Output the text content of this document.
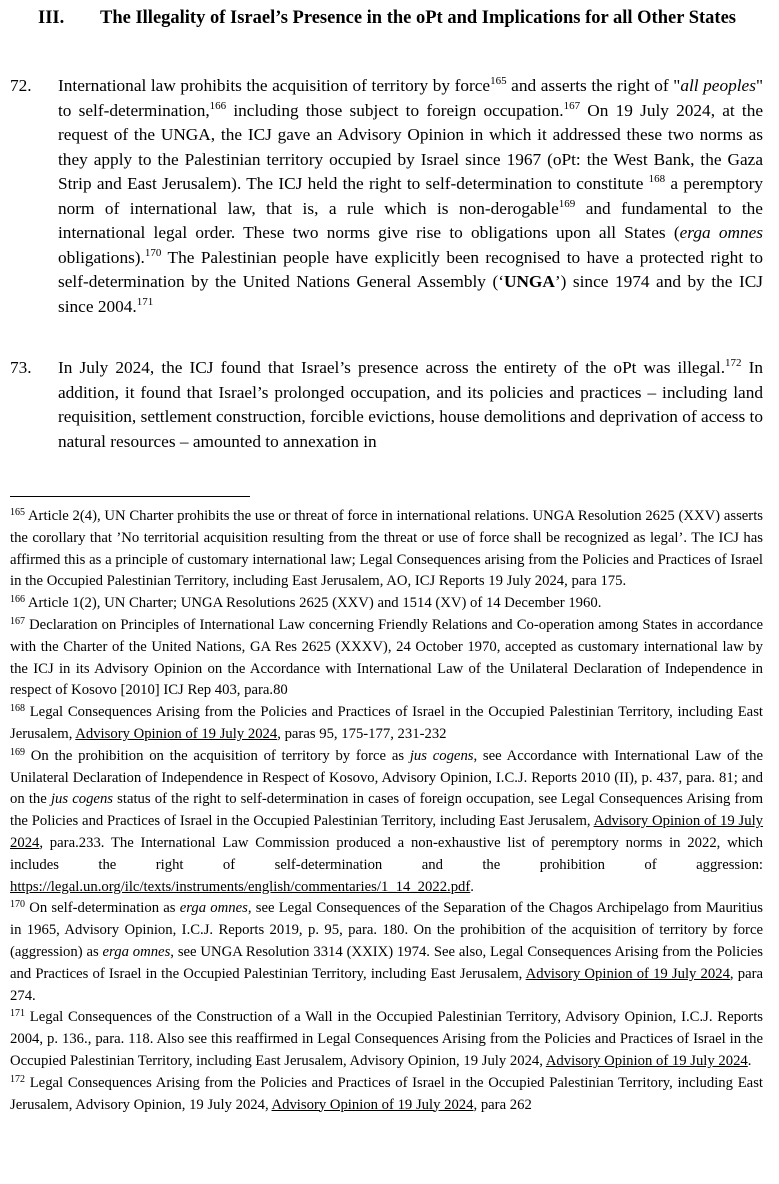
III. The Illegality of Israel’s Presence in the oPt and Implications for all Other States
72. International law prohibits the acquisition of territory by force$^{165}$ and asserts the right of "all peoples" to self-determination,$^{166}$ including those subject to foreign occupation.$^{167}$ On 19 July 2024, at the request of the UNGA, the ICJ gave an Advisory Opinion in which it addressed these two norms as they apply to the Palestinian territory occupied by Israel since 1967 (oPt: the West Bank, the Gaza Strip and East Jerusalem). The ICJ held the right to self-determination to constitute $^{168}$ a peremptory norm of international law, that is, a rule which is non-derogable$^{169}$ and fundamental to the international legal order. These two norms give rise to obligations upon all States (erga omnes obligations).$^{170}$ The Palestinian people have explicitly been recognised to have a protected right to self-determination by the United Nations General Assembly (‘UNGA’) since 1974 and by the ICJ since 2004.$^{171}$
73. In July 2024, the ICJ found that Israel’s presence across the entirety of the oPt was illegal.$^{172}$ In addition, it found that Israel’s prolonged occupation, and its policies and practices – including land requisition, settlement construction, forcible evictions, house demolitions and deprivation of access to natural resources – amounted to annexation in

$^{165}$ Article 2(4), UN Charter prohibits the use or threat of force in international relations. UNGA Resolution 2625 (XXV) asserts the corollary that ’No territorial acquisition resulting from the threat or use of force shall be recognized as legal’. The ICJ has affirmed this as a principle of customary international law; Legal Consequences arising from the Policies and Practices of Israel in the Occupied Palestinian Territory, including East Jerusalem, AO, ICJ Reports 19 July 2024, para 175.

$^{166}$ Article 1(2), UN Charter; UNGA Resolutions 2625 (XXV) and 1514 (XV) of 14 December 1960.

$^{167}$ Declaration on Principles of International Law concerning Friendly Relations and Co-operation among States in accordance with the Charter of the United Nations, GA Res 2625 (XXXV), 24 October 1970, accepted as customary international law by the ICJ in its Advisory Opinion on the Accordance with International Law of the Unilateral Declaration of Independence in respect of Kosovo [2010] ICJ Rep 403, para.80

$^{168}$ Legal Consequences Arising from the Policies and Practices of Israel in the Occupied Palestinian Territory, including East Jerusalem, Advisory Opinion of 19 July 2024, paras 95, 175-177, 231-232

$^{169}$ On the prohibition on the acquisition of territory by force as jus cogens, see Accordance with International Law of the Unilateral Declaration of Independence in Respect of Kosovo, Advisory Opinion, I.C.J. Reports 2010 (II), p. 437, para. 81; and on the jus cogens status of the right to self-determination in cases of foreign occupation, see Legal Consequences Arising from the Policies and Practices of Israel in the Occupied Palestinian Territory, including East Jerusalem, Advisory Opinion of 19 July 2024, para.233. The International Law Commission produced a non-exhaustive list of peremptory norms in 2022, which includes the right of self-determination and the prohibition of aggression: https://legal.un.org/ilc/texts/instruments/english/commentaries/1_14_2022.pdf.

$^{170}$ On self-determination as erga omnes, see Legal Consequences of the Separation of the Chagos Archipelago from Mauritius in 1965, Advisory Opinion, I.C.J. Reports 2019, p. 95, para. 180. On the prohibition of the acquisition of territory by force (aggression) as erga omnes, see UNGA Resolution 3314 (XXIX) 1974. See also, Legal Consequences Arising from the Policies and Practices of Israel in the Occupied Palestinian Territory, including East Jerusalem, Advisory Opinion of 19 July 2024, para 274.

$^{171}$ Legal Consequences of the Construction of a Wall in the Occupied Palestinian Territory, Advisory Opinion, I.C.J. Reports 2004, p. 136., para. 118. Also see this reaffirmed in Legal Consequences Arising from the Policies and Practices of Israel in the Occupied Palestinian Territory, including East Jerusalem, Advisory Opinion, 19 July 2024, Advisory Opinion of 19 July 2024.

$^{172}$ Legal Consequences Arising from the Policies and Practices of Israel in the Occupied Palestinian Territory, including East Jerusalem, Advisory Opinion, 19 July 2024, Advisory Opinion of 19 July 2024, para 262
